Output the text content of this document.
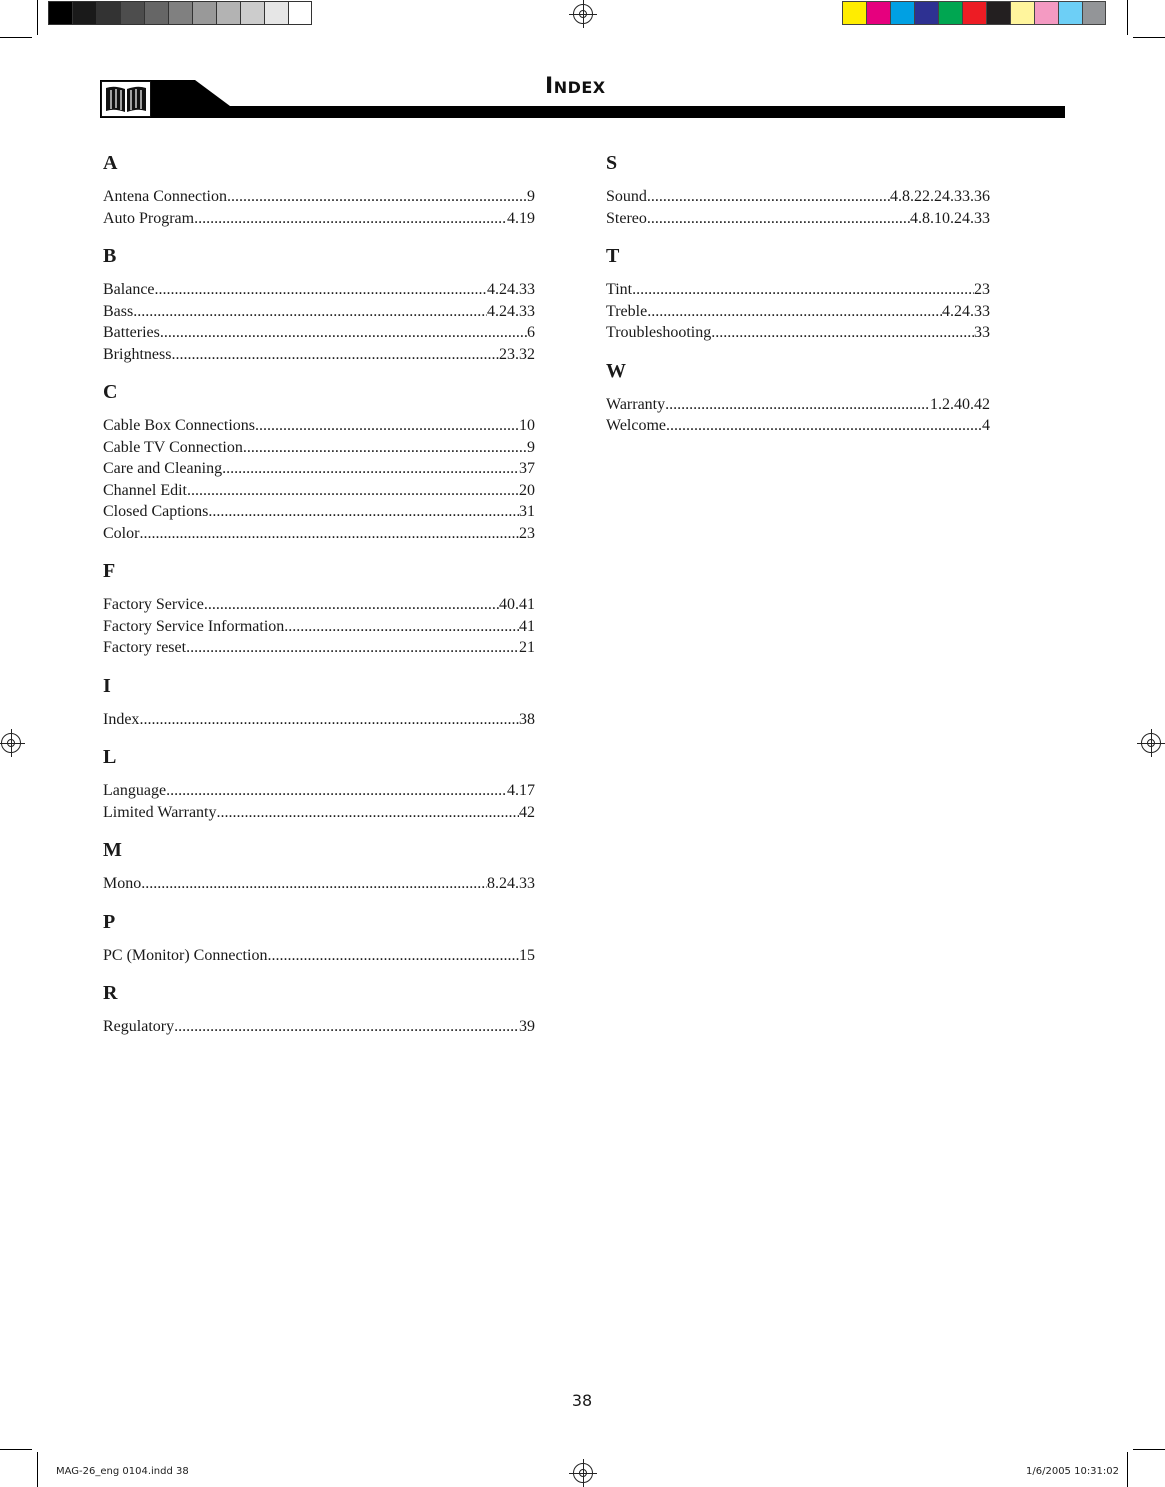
INDEX
A
Antena Connection .....	9
Auto Program .....	4.19
B
Balance .....	4.24.33
Bass .....	4.24.33
Batteries .....	6
Brightness .....	23.32
C
Cable Box Connections .....	10
Cable TV Connection .....	9
Care and Cleaning .....	37
Channel Edit .....	20
Closed Captions .....	31
Color .....	23
F
Factory Service .....	40.41
Factory Service Information .....	41
Factory reset .....	21
I
Index .....	38
L
Language .....	4.17
Limited Warranty .....	42
M
Mono .....	8.24.33
P
PC (Monitor) Connection .....	15
R
Regulatory .....	39
S
Sound .....	4.8.22.24.33.36
Stereo .....	4.8.10.24.33
T
Tint .....	23
Treble .....	4.24.33
Troubleshooting .....	33
W
Warranty .....	1.2.40.42
Welcome .....	4
38
MAG-26_eng 0104.indd 38	1/6/2005 10:31:02
